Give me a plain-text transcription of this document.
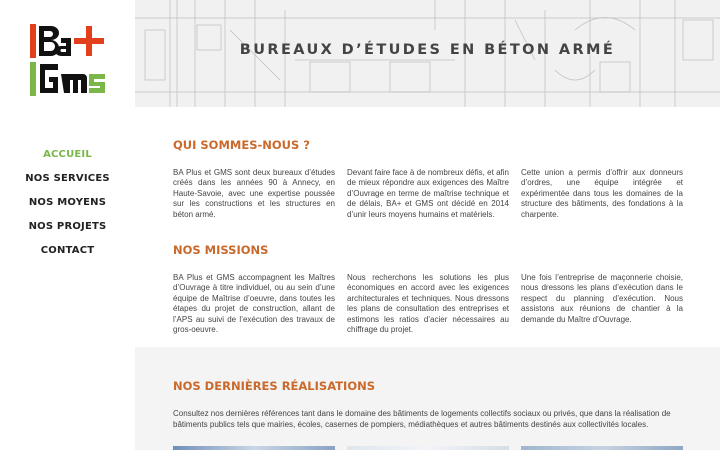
ACCUEIL
NOS SERVICES
NOS MOYENS
NOS PROJETS
CONTACT
BUREAUX D’ÉTUDES EN BÉTON ARMÉ
QUI SOMMES-NOUS ?

BA Plus et GMS sont deux bureaux d’études créés dans les années 90 à Annecy, en Haute-Savoie, avec une expertise poussée sur les constructions et les structures en béton armé.

Devant faire face à de nombreux défis, et afin de mieux répondre aux exigences des Maître d’Ouvrage en terme de maîtrise technique et de délais, BA+ et GMS ont décidé en 2014 d’unir leurs moyens humains et matériels.

Cette union a permis d’offrir aux donneurs d’ordres, une équipe intégrée et expérimentée dans tous les domaines de la structure des bâtiments, des fondations à la charpente.

NOS MISSIONS

BA Plus et GMS accompagnent les Maîtres d’Ouvrage à titre individuel, ou au sein d’une équipe de Maîtrise d’oeuvre, dans toutes les étapes du projet de construction, allant de l’APS au suivi de l’exécution des travaux de gros-oeuvre.

Nous recherchons les solutions les plus économiques en accord avec les exigences architecturales et techniques. Nous dressons les plans de consultation des entreprises et estimons les ratios d’acier nécessaires au chiffrage du projet.

Une fois l’entreprise de maçonnerie choisie, nous dressons les plans d’exécution dans le respect du planning d’exécution. Nous assistons aux réunions de chantier à la demande du Maître d’Ouvrage.

NOS DERNIÈRES RÉALISATIONS

Consultez nos dernières références tant dans le domaine des bâtiments de logements collectifs sociaux ou privés, que dans la réalisation de bâtiments publics tels que mairies, écoles, casernes de pompiers, médiathèques et autres bâtiments destinés aux collectivités locales.
